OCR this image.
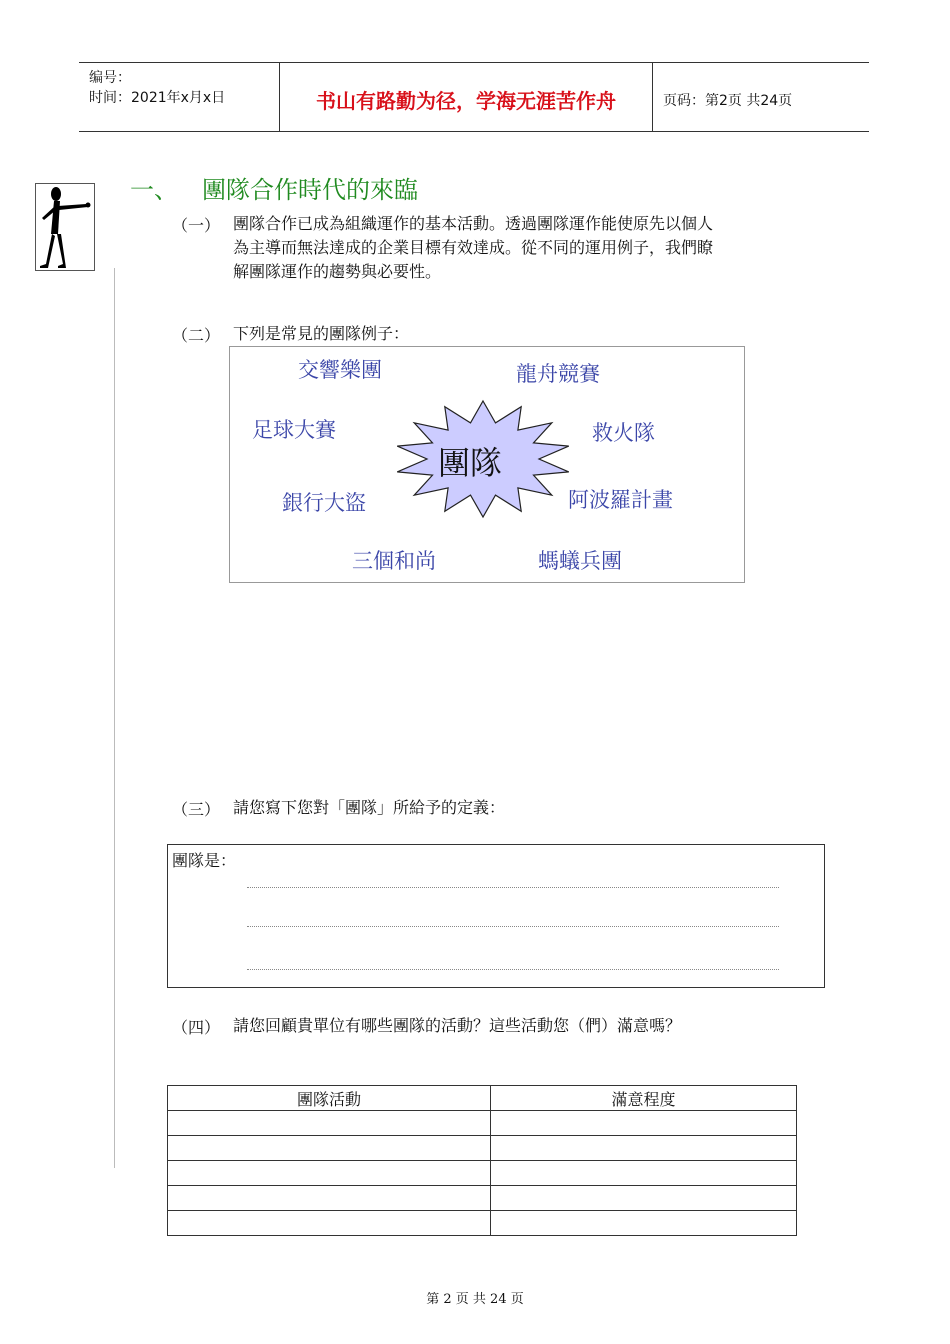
编号：
时间：2021年x月x日	书山有路勤为径，学海无涯苦作舟	页码：第2页 共24页
一、 團隊合作時代的來臨
（一） 團隊合作已成為組織運作的基本活動。透過團隊運作能使原先以個人
為主導而無法達成的企業目標有效達成。從不同的運用例子，我們瞭
解團隊運作的趨勢與必要性。
（二） 下列是常見的團隊例子：
團隊
交響樂團	龍舟競賽
足球大賽	救火隊
銀行大盜	阿波羅計畫
三個和尚	螞蟻兵團
（三） 請您寫下您對「團隊」所給予的定義：
團隊是：
（四） 請您回顧貴單位有哪些團隊的活動？這些活動您（們）滿意嗎？
團隊活動	滿意程度

第 2 页 共 24 页
